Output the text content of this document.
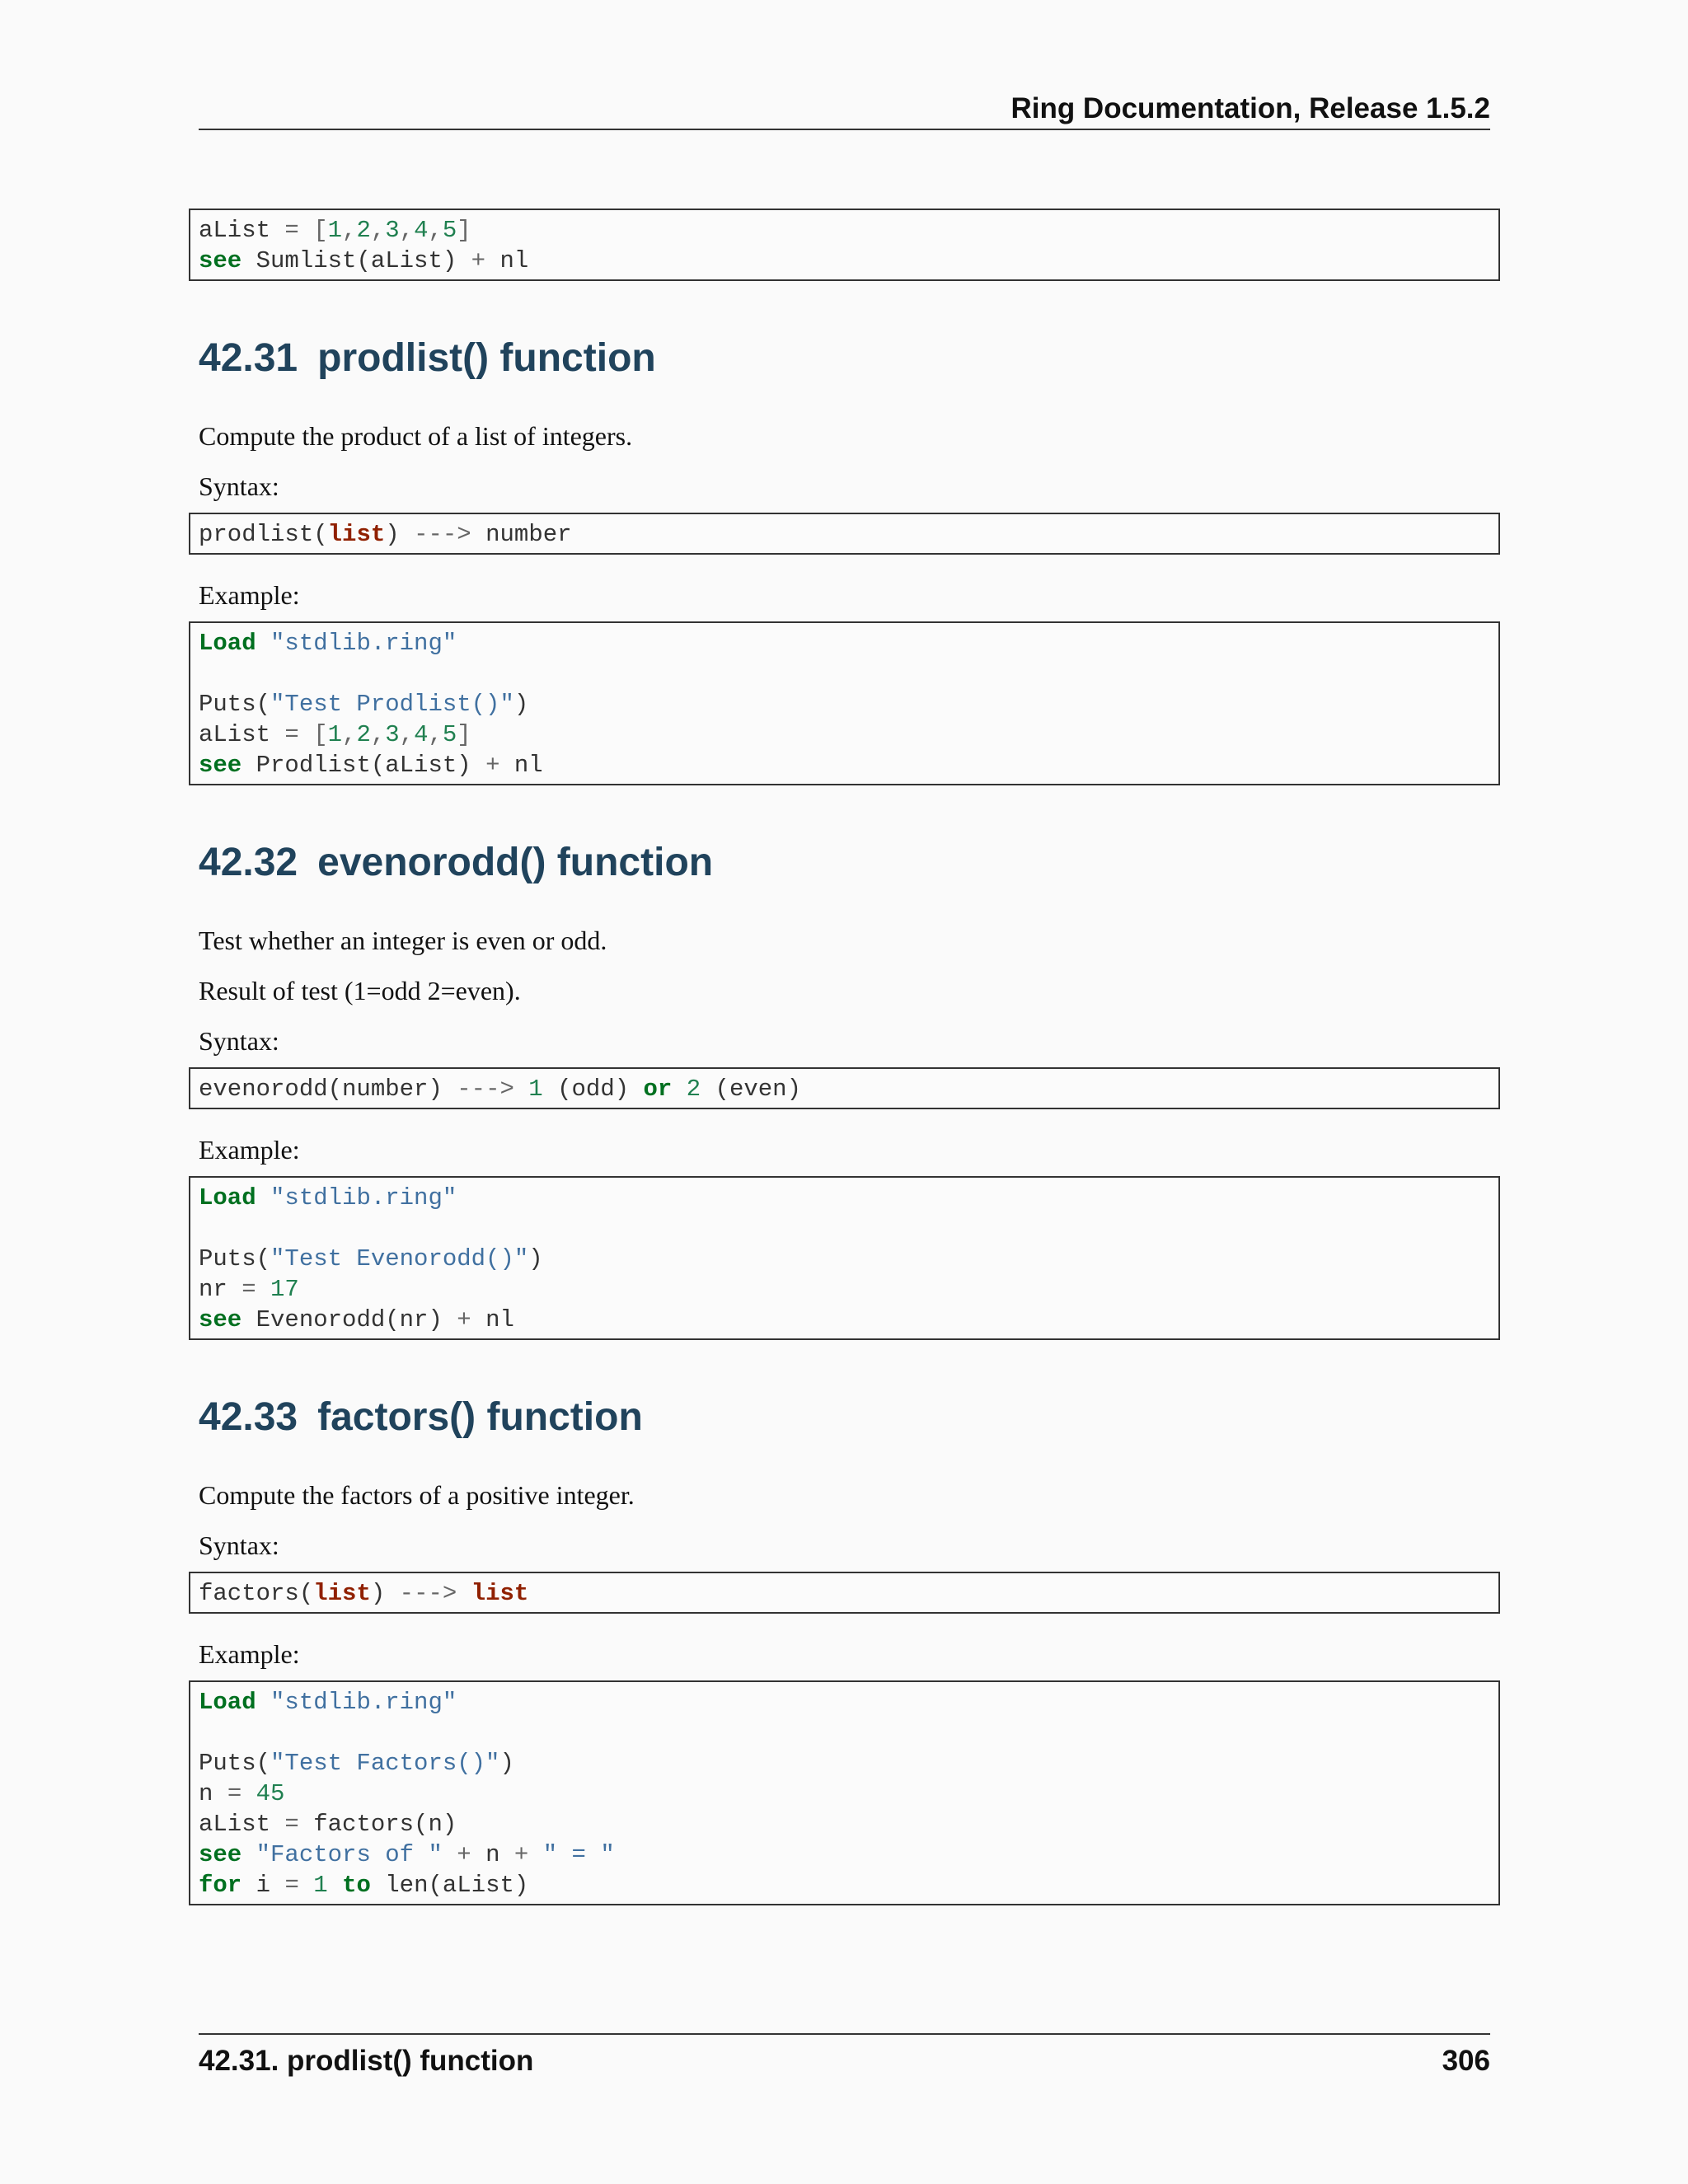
Ring Documentation, Release 1.5.2
aList = [1,2,3,4,5]
see Sumlist(aList) + nl
42.31 prodlist() function

Compute the product of a list of integers.

Syntax:

prodlist(list) ---> number

Example:

Load "stdlib.ring"
Puts("Test Prodlist()")
aList = [1,2,3,4,5]
see Prodlist(aList) + nl
42.32 evenorodd() function

Test whether an integer is even or odd.

Result of test (1=odd 2=even).

Syntax:

evenorodd(number) ---> 1 (odd) or 2 (even)

Example:

Load "stdlib.ring"
Puts("Test Evenorodd()")
nr = 17
see Evenorodd(nr) + nl
42.33 factors() function

Compute the factors of a positive integer.

Syntax:

factors(list) ---> list

Example:

Load "stdlib.ring"
Puts("Test Factors()")
n = 45
aList = factors(n)
see "Factors of " + n + " = "
for i = 1 to len(aList)
42.31. prodlist() function	306
